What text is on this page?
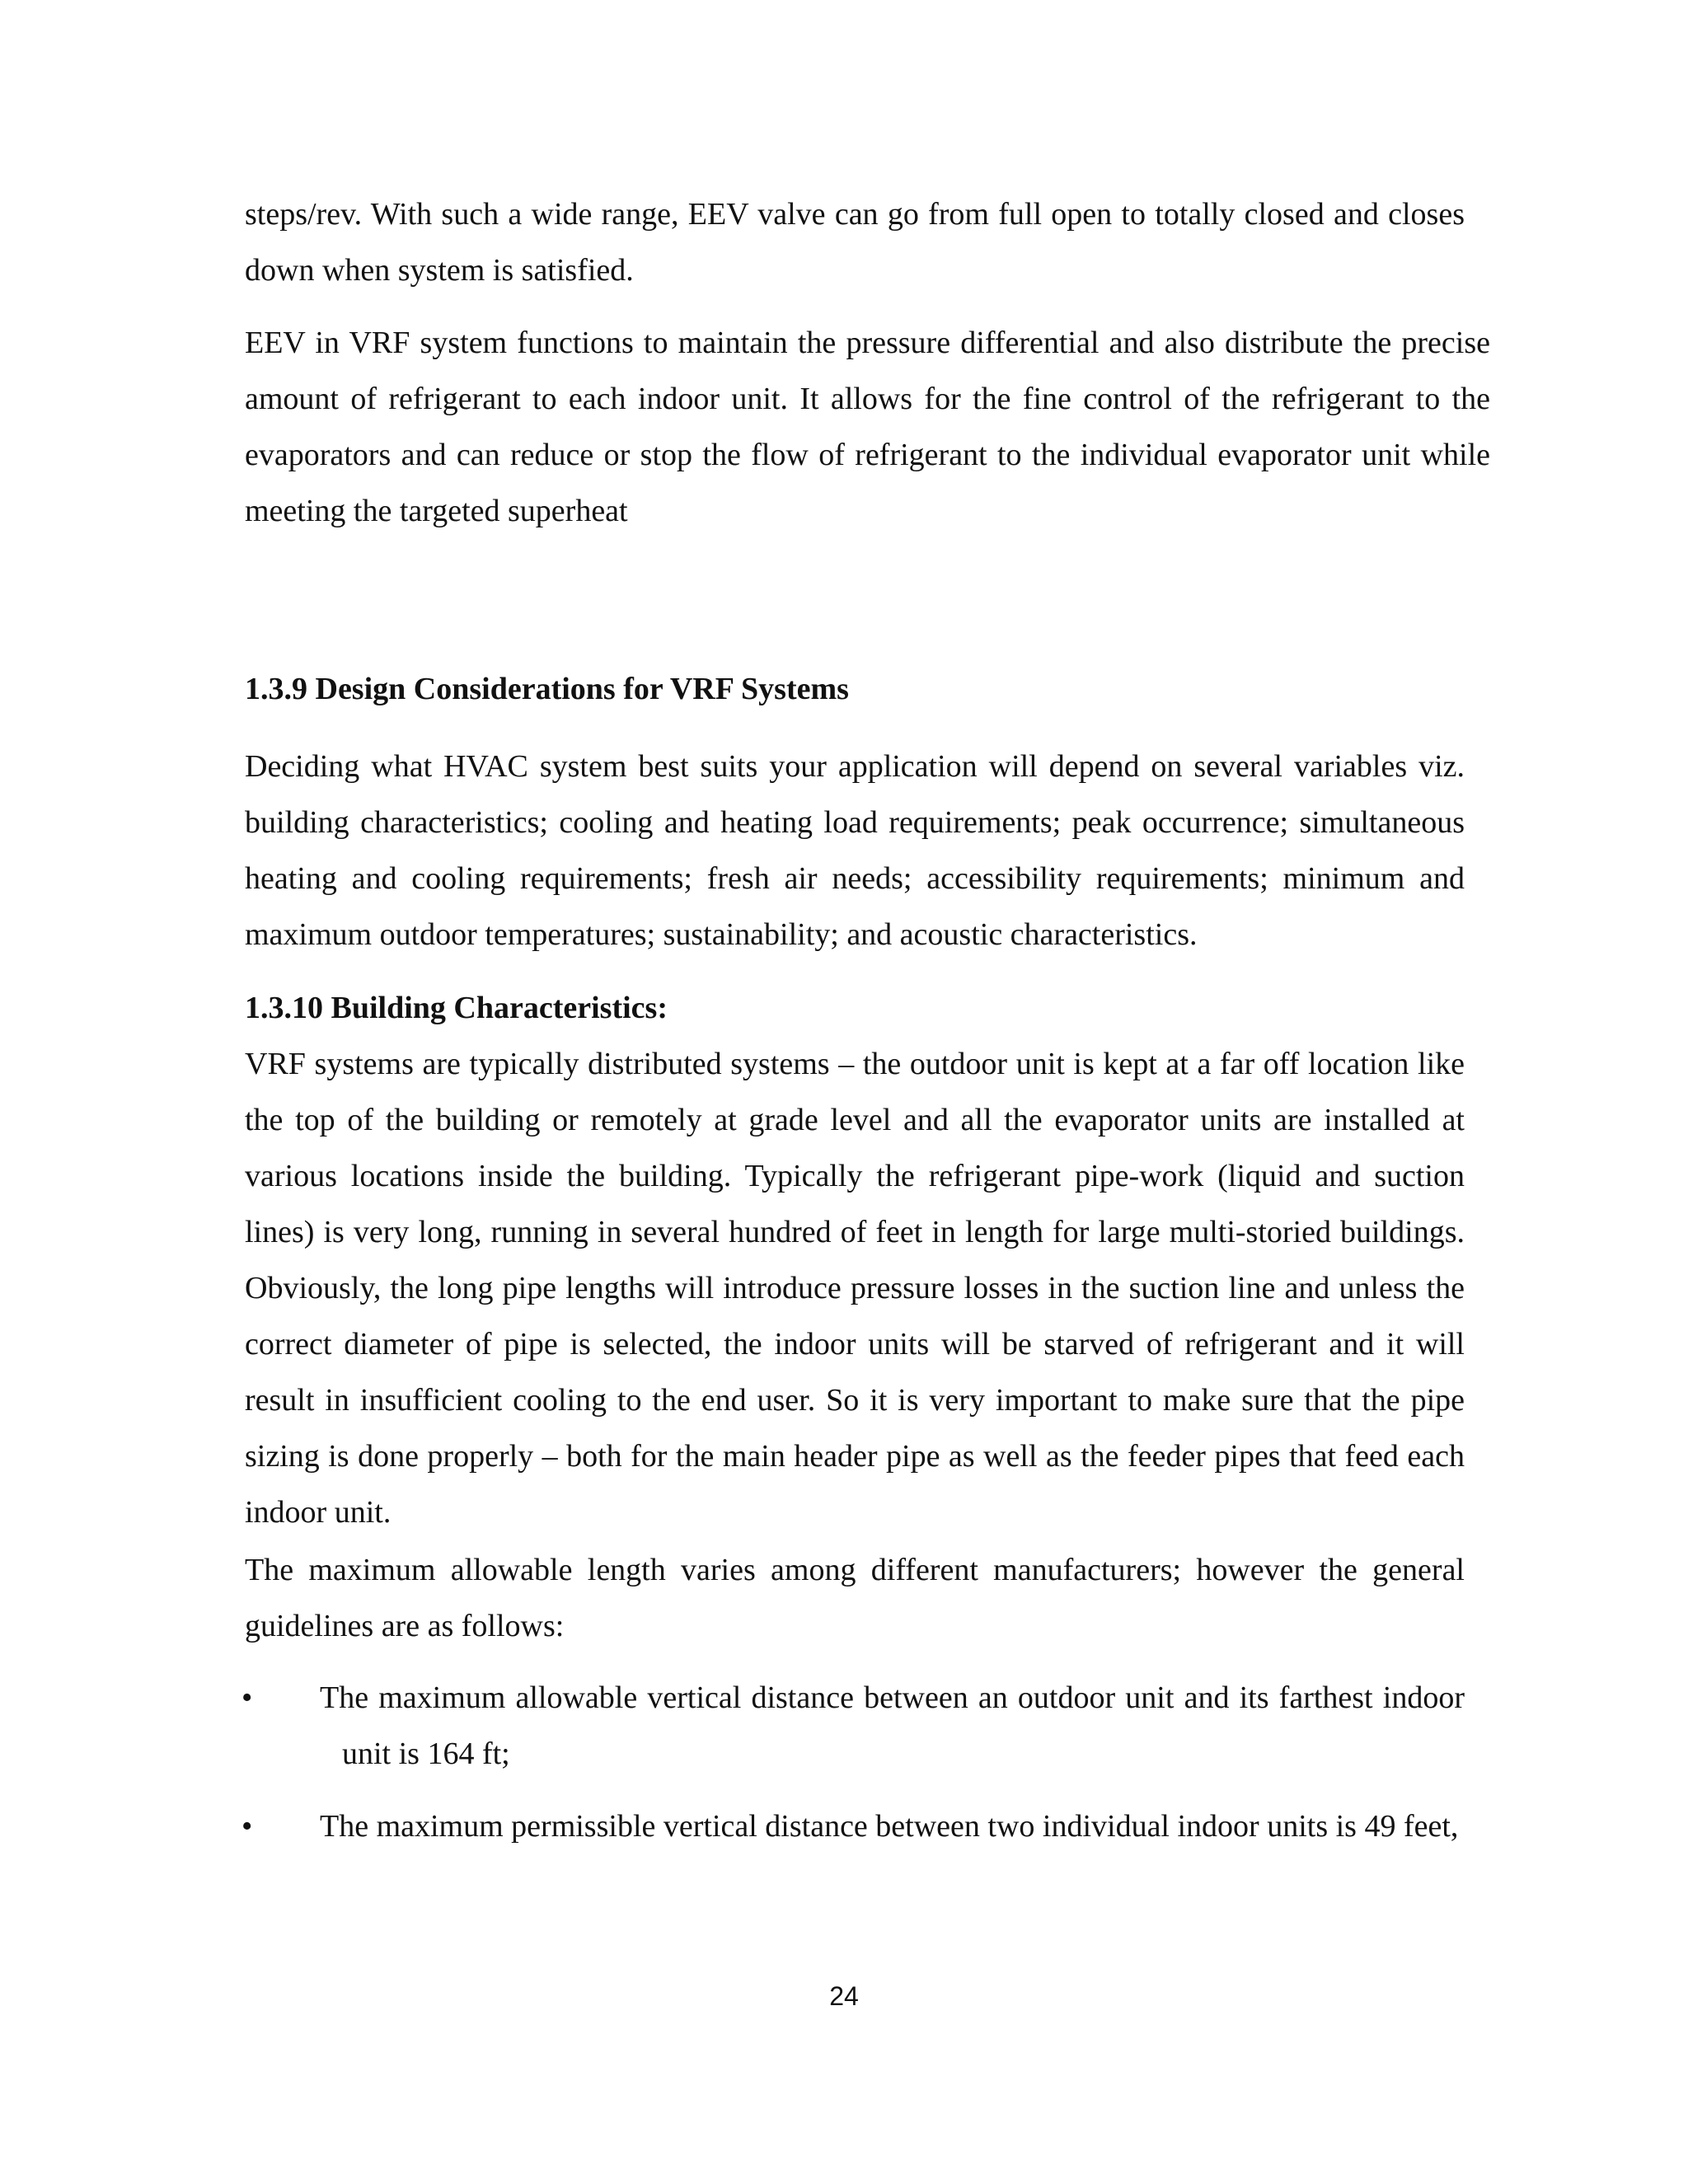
steps/rev. With such a wide range, EEV valve can go from full open to totally closed and closes down when system is satisfied.

EEV in VRF system functions to maintain the pressure differential and also distribute the precise amount of refrigerant to each indoor unit. It allows for the fine control of the refrigerant to the evaporators and can reduce or stop the flow of refrigerant to the individual evaporator unit while meeting the targeted superheat

1.3.9 Design Considerations for VRF Systems

Deciding what HVAC system best suits your application will depend on several variables viz. building characteristics; cooling and heating load requirements; peak occurrence; simultaneous heating and cooling requirements; fresh air needs; accessibility requirements; minimum and maximum outdoor temperatures; sustainability; and acoustic characteristics.

1.3.10 Building Characteristics:

VRF systems are typically distributed systems – the outdoor unit is kept at a far off location like the top of the building or remotely at grade level and all the evaporator units are installed at various locations inside the building. Typically the refrigerant pipe-work (liquid and suction lines) is very long, running in several hundred of feet in length for large multi-storied buildings. Obviously, the long pipe lengths will introduce pressure losses in the suction line and unless the correct diameter of pipe is selected, the indoor units will be starved of refrigerant and it will result in insufficient cooling to the end user. So it is very important to make sure that the pipe sizing is done properly – both for the main header pipe as well as the feeder pipes that feed each indoor unit.

The maximum allowable length varies among different manufacturers; however the general guidelines are as follows:

• The maximum allowable vertical distance between an outdoor unit and its farthest indoor unit is 164 ft;

• The maximum permissible vertical distance between two individual indoor units is 49 feet,

24
